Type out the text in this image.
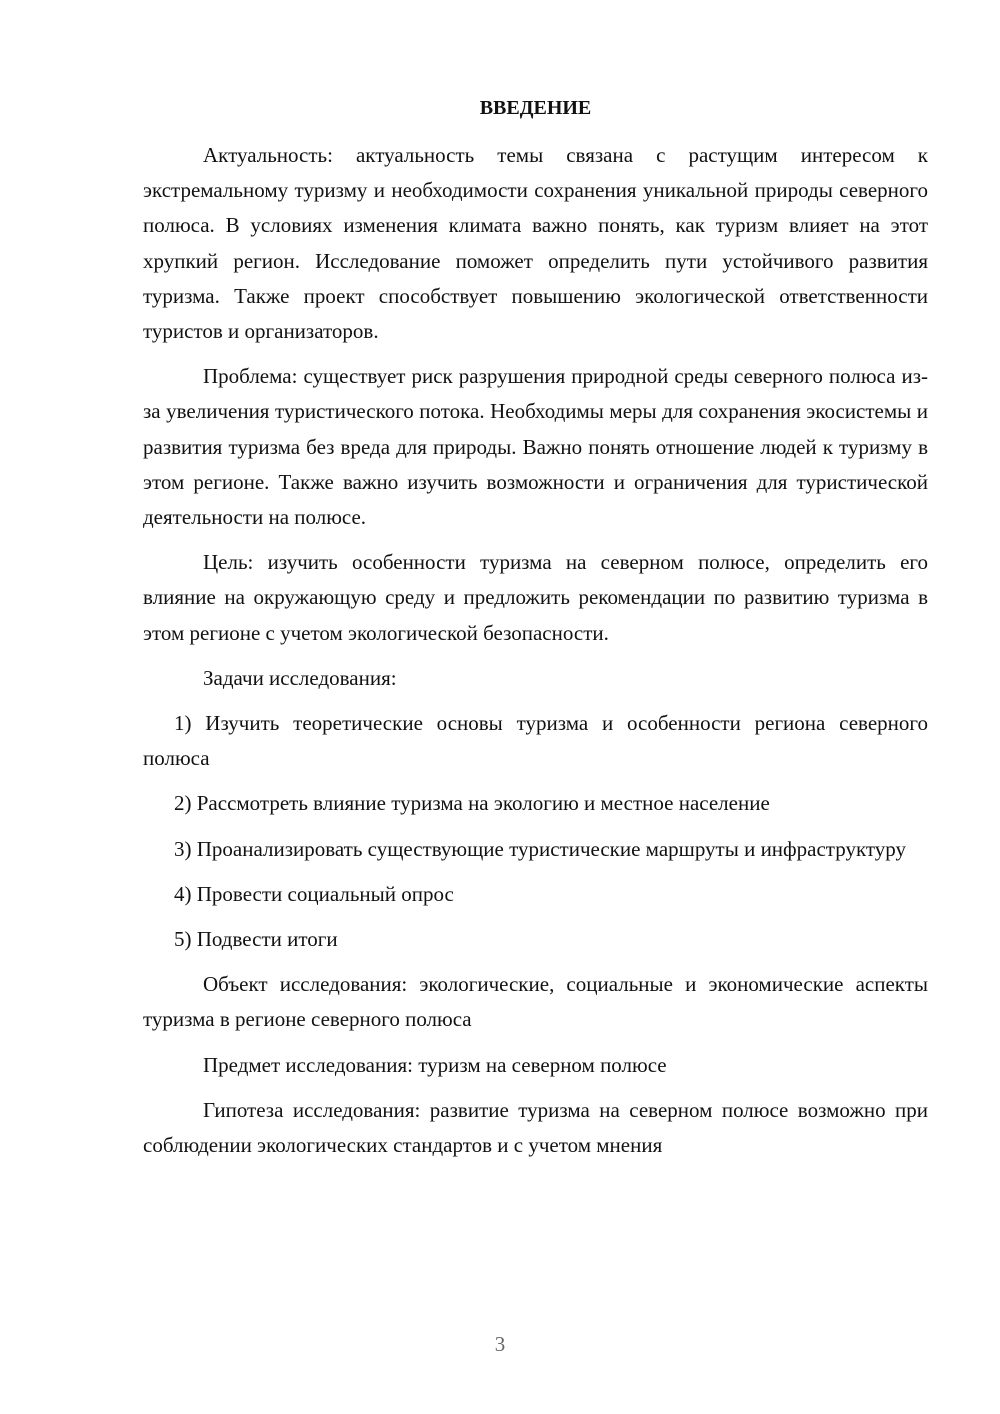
ВВЕДЕНИЕ

Актуальность: актуальность темы связана с растущим интересом к экстремальному туризму и необходимости сохранения уникальной природы северного полюса. В условиях изменения климата важно понять, как туризм влияет на этот хрупкий регион. Исследование поможет определить пути устойчивого развития туризма. Также проект способствует повышению экологической ответственности туристов и организаторов.

Проблема: существует риск разрушения природной среды северного полюса из-за увеличения туристического потока. Необходимы меры для сохранения экосистемы и развития туризма без вреда для природы. Важно понять отношение людей к туризму в этом регионе. Также важно изучить возможности и ограничения для туристической деятельности на полюсе.

Цель: изучить особенности туризма на северном полюсе, определить его влияние на окружающую среду и предложить рекомендации по развитию туризма в этом регионе с учетом экологической безопасности.

Задачи исследования:

1) Изучить теоретические основы туризма и особенности региона северного полюса

2) Рассмотреть влияние туризма на экологию и местное население

3) Проанализировать существующие туристические маршруты и инфраструктуру

4) Провести социальный опрос

5) Подвести итоги

Объект исследования: экологические, социальные и экономические аспекты туризма в регионе северного полюса

Предмет исследования: туризм на северном полюсе

Гипотеза исследования: развитие туризма на северном полюсе возможно при соблюдении экологических стандартов и с учетом мнения

3
